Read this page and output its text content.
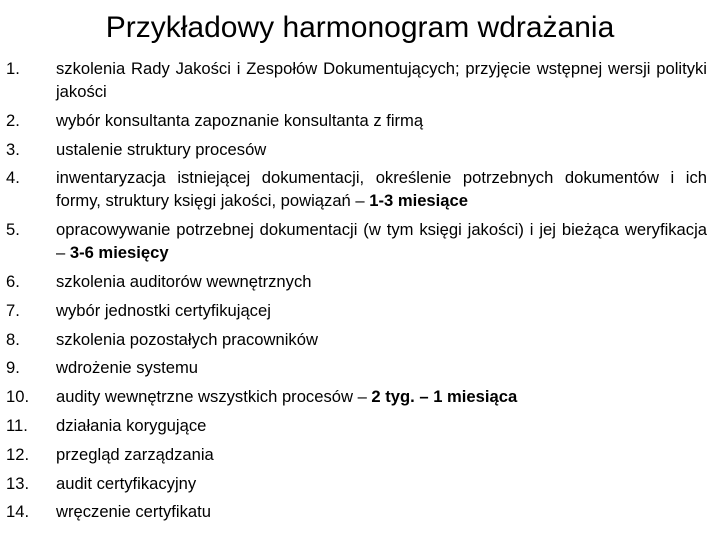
Przykładowy harmonogram wdrażania
1.	szkolenia Rady Jakości i Zespołów Dokumentujących; przyjęcie wstępnej wersji polityki jakości
2.	wybór konsultanta zapoznanie konsultanta z firmą
3.	ustalenie struktury procesów
4.	inwentaryzacja istniejącej dokumentacji, określenie potrzebnych dokumentów i ich formy, struktury księgi jakości, powiązań – 1-3 miesiące
5.	opracowywanie potrzebnej dokumentacji (w tym księgi jakości) i jej bieżąca weryfikacja – 3-6 miesięcy
6.	szkolenia auditorów wewnętrznych
7.	wybór jednostki certyfikującej
8.	szkolenia pozostałych pracowników
9.	wdrożenie systemu
10.	audity wewnętrzne wszystkich procesów – 2 tyg. – 1 miesiąca
11.	działania korygujące
12.	przegląd zarządzania
13.	audit certyfikacyjny
14.	wręczenie certyfikatu
